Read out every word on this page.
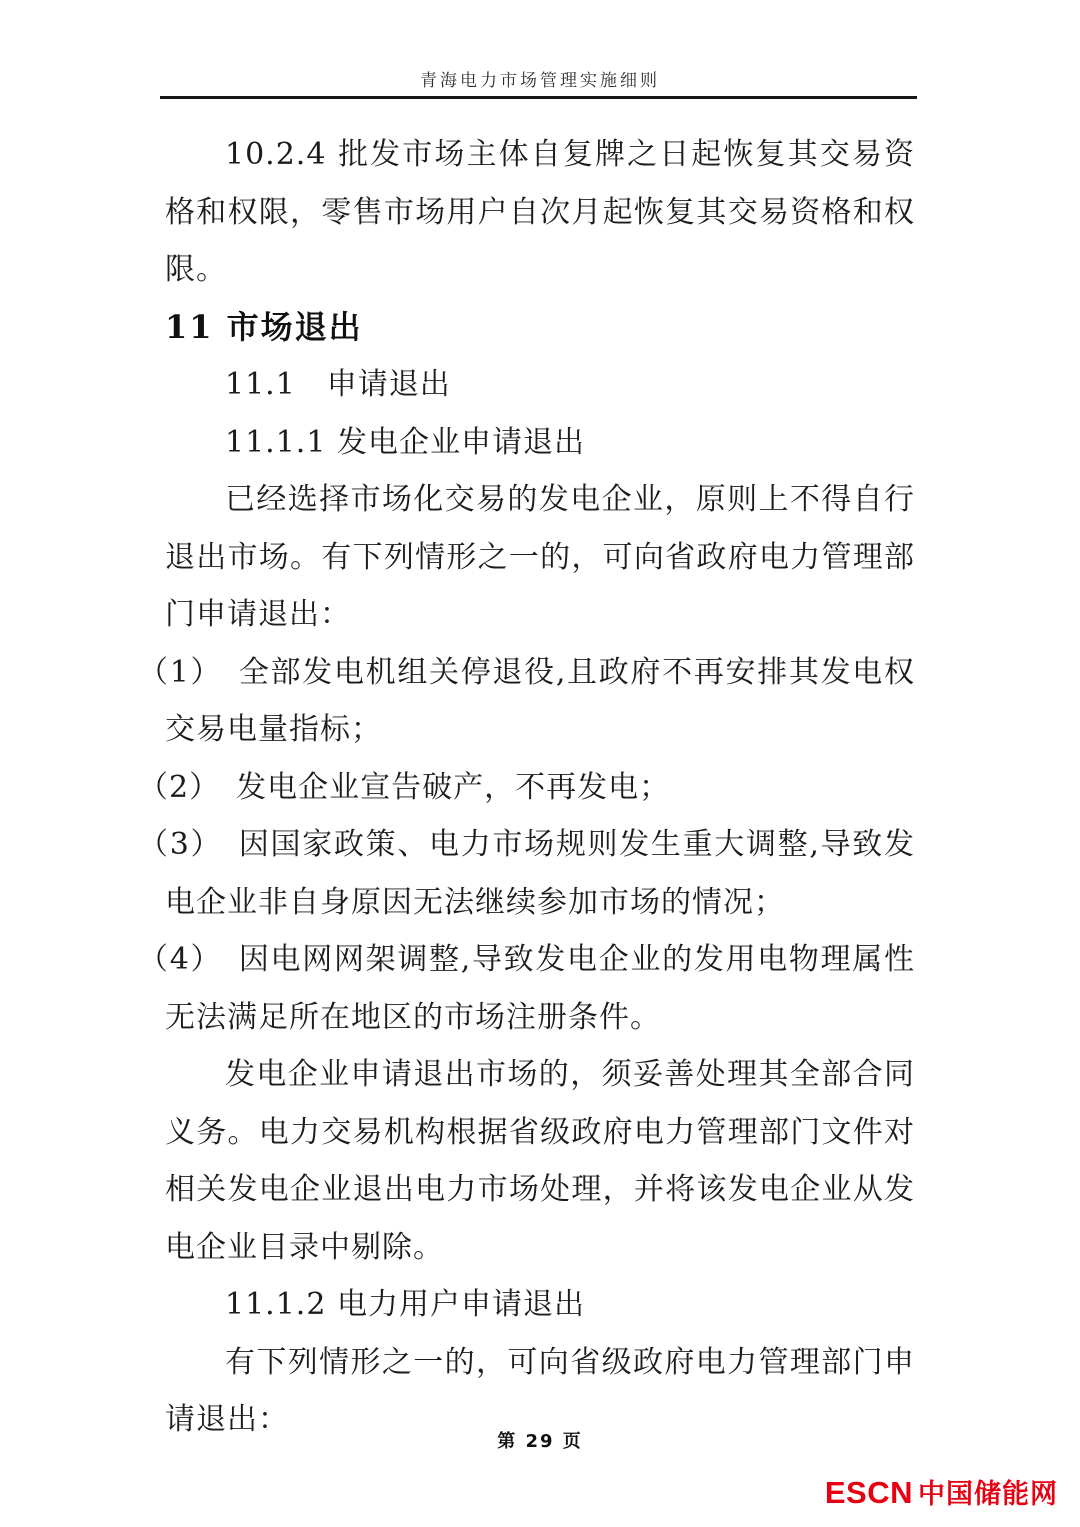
青海电力市场管理实施细则

10.2.4 批发市场主体自复牌之日起恢复其交易资格和权限，零售市场用户自次月起恢复其交易资格和权限。

11 市场退出

11.1　申请退出

11.1.1 发电企业申请退出

已经选择市场化交易的发电企业，原则上不得自行退出市场。有下列情形之一的，可向省政府电力管理部门申请退出：

（1）　全部发电机组关停退役,且政府不再安排其发电权交易电量指标；

（2）　发电企业宣告破产，不再发电；

（3）　因国家政策、电力市场规则发生重大调整,导致发电企业非自身原因无法继续参加市场的情况；

（4）　因电网网架调整,导致发电企业的发用电物理属性无法满足所在地区的市场注册条件。

发电企业申请退出市场的，须妥善处理其全部合同义务。电力交易机构根据省级政府电力管理部门文件对相关发电企业退出电力市场处理，并将该发电企业从发电企业目录中剔除。

11.1.2 电力用户申请退出

有下列情形之一的，可向省级政府电力管理部门申请退出：

第 29 页
ESCN 中国储能网
